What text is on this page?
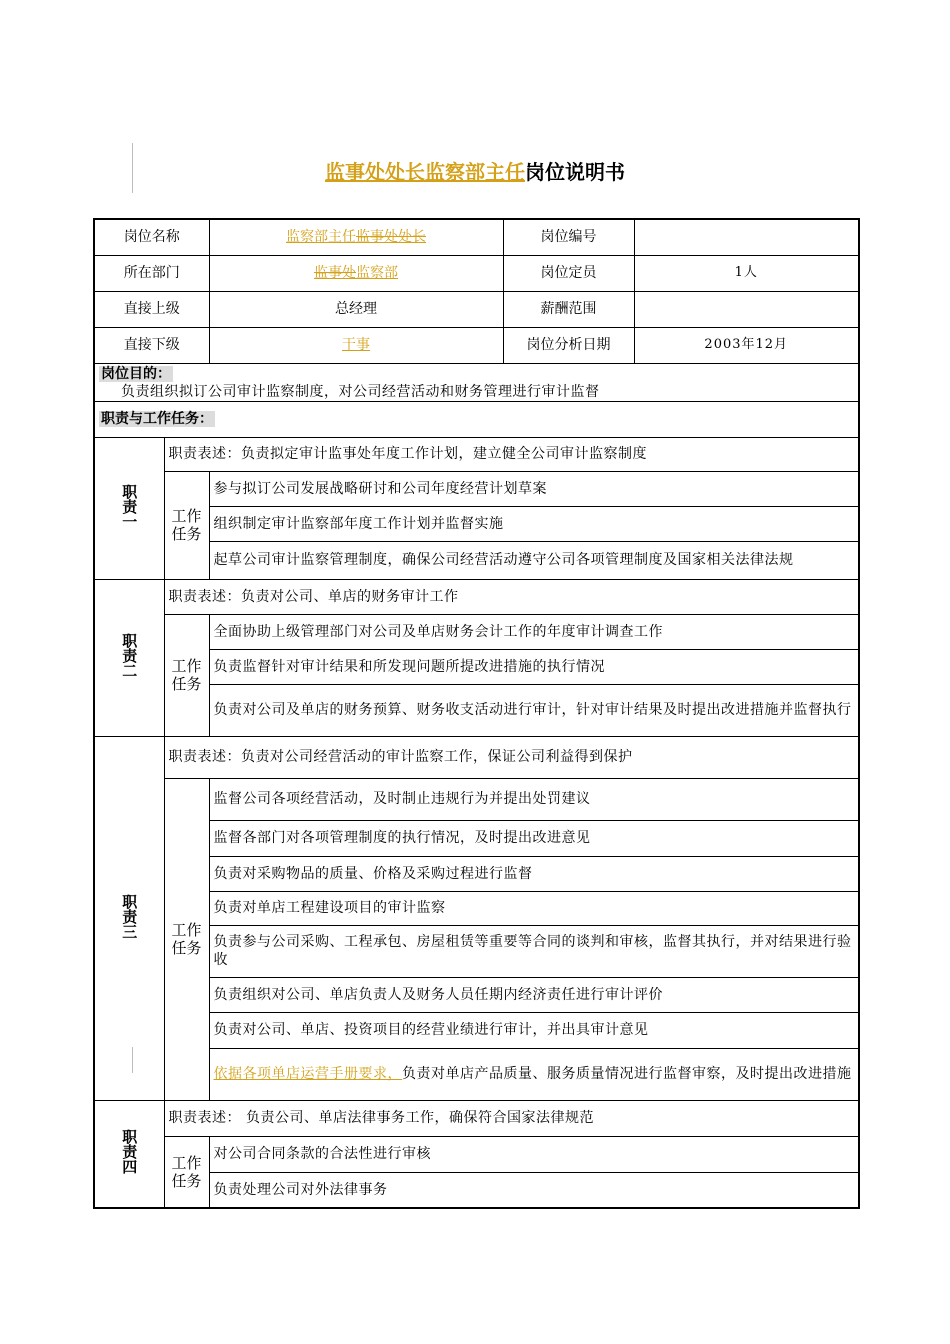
监事处处长监察部主任岗位说明书
岗位名称		监察部主任监事处处长	岗位编号	
所在部门		监事处监察部	岗位定员	1人
直接上级		总经理	薪酬范围	
直接下级		干事	岗位分析日期	2003年12月

岗位目的：
负责组织拟订公司审计监察制度，对公司经营活动和财务管理进行审计监督				

职责与工作任务：				
职责一	职责表述：负责拟定审计监事处年度工作计划，建立健全公司审计监察制度			
	工作任务	参与拟订公司发展战略研讨和公司年度经营计划草案		
		组织制定审计监察部年度工作计划并监督实施		
		起草公司审计监察管理制度，确保公司经营活动遵守公司各项管理制度及国家相关法律法规		
职责二	职责表述：负责对公司、单店的财务审计工作			
	工作任务	全面协助上级管理部门对公司及单店财务会计工作的年度审计调查工作		
		负责监督针对审计结果和所发现问题所提改进措施的执行情况		
		负责对公司及单店的财务预算、财务收支活动进行审计，针对审计结果及时提出改进措施并监督执行		
职责三	职责表述：负责对公司经营活动的审计监察工作，保证公司利益得到保护			
	工作任务	监督公司各项经营活动，及时制止违规行为并提出处罚建议		
		监督各部门对各项管理制度的执行情况，及时提出改进意见		
		负责对采购物品的质量、价格及采购过程进行监督		
		负责对单店工程建设项目的审计监察		
		负责参与公司采购、工程承包、房屋租赁等重要等合同的谈判和审核，监督其执行，并对结果进行验收		
		负责组织对公司、单店负责人及财务人员任期内经济责任进行审计评价		
		负责对公司、单店、投资项目的经营业绩进行审计，并出具审计意见		
		依据各项单店运营手册要求，负责对单店产品质量、服务质量情况进行监督审察，及时提出改进措施		
职责四	职责表述： 负责公司、单店法律事务工作，确保符合国家法律规范			
	工作任务	对公司合同条款的合法性进行审核		
		负责处理公司对外法律事务		
